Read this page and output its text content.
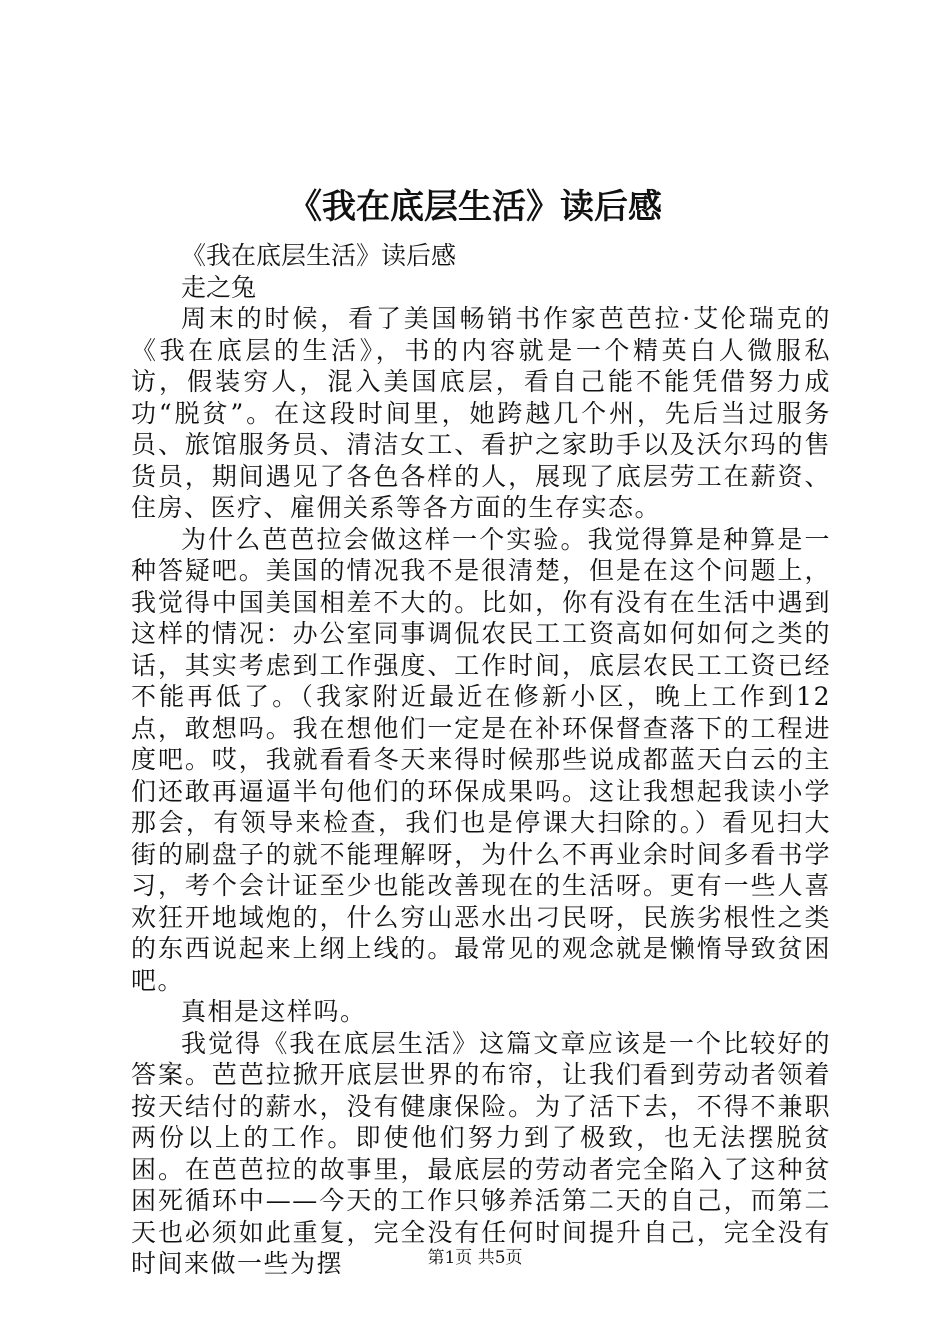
《我在底层生活》读后感

《我在底层生活》读后感

走之兔

周末的时候，看了美国畅销书作家芭芭拉·艾伦瑞克的《我在底层的生活》，书的内容就是一个精英白人微服私访，假装穷人，混入美国底层，看自己能不能凭借努力成功“脱贫”。在这段时间里，她跨越几个州，先后当过服务员、旅馆服务员、清洁女工、看护之家助手以及沃尔玛的售货员，期间遇见了各色各样的人，展现了底层劳工在薪资、住房、医疗、雇佣关系等各方面的生存实态。

为什么芭芭拉会做这样一个实验。我觉得算是种算是一种答疑吧。美国的情况我不是很清楚，但是在这个问题上，我觉得中国美国相差不大的。比如，你有没有在生活中遇到这样的情况：办公室同事调侃农民工工资高如何如何之类的话，其实考虑到工作强度、工作时间，底层农民工工资已经不能再低了。（我家附近最近在修新小区，晚上工作到12点，敢想吗。我在想他们一定是在补环保督查落下的工程进度吧。哎，我就看看冬天来得时候那些说成都蓝天白云的主们还敢再逼逼半句他们的环保成果吗。这让我想起我读小学那会，有领导来检查，我们也是停课大扫除的。）看见扫大街的刷盘子的就不能理解呀，为什么不再业余时间多看书学习，考个会计证至少也能改善现在的生活呀。更有一些人喜欢狂开地域炮的，什么穷山恶水出刁民呀，民族劣根性之类的东西说起来上纲上线的。最常见的观念就是懒惰导致贫困吧。

真相是这样吗。

我觉得《我在底层生活》这篇文章应该是一个比较好的答案。芭芭拉掀开底层世界的布帘，让我们看到劳动者领着按天结付的薪水，没有健康保险。为了活下去，不得不兼职两份以上的工作。即使他们努力到了极致，也无法摆脱贫困。在芭芭拉的故事里，最底层的劳动者完全陷入了这种贫困死循环中——今天的工作只够养活第二天的自己，而第二天也必须如此重复，完全没有任何时间提升自己，完全没有时间来做一些为摆	第1页 共5页
